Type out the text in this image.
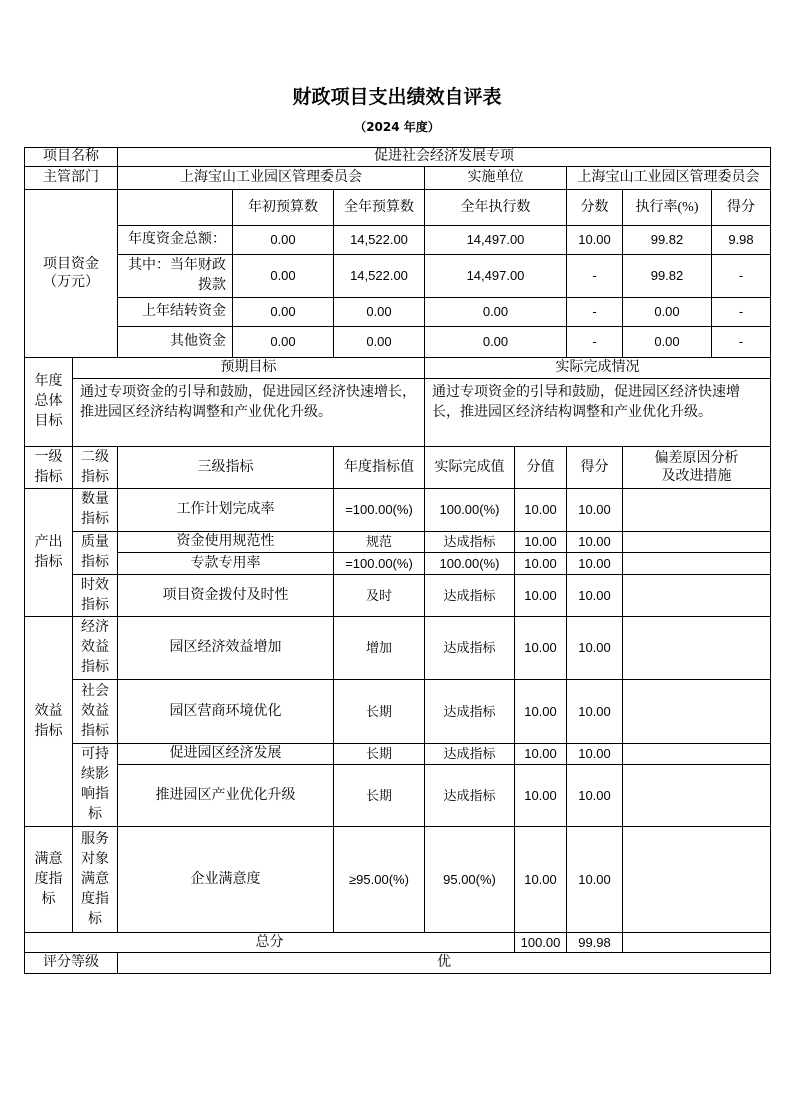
财政项目支出绩效自评表
（2024 年度）
项目名称		促进社会经济发展专项							
主管部门		上海宝山工业园区管理委员会			实施单位		上海宝山工业园区管理委员会		

项目资金
（万元）			年初预算数	全年预算数	全年执行数		分数	执行率(%)	得分
		年度资金总额：	0.00	14,522.00	14,497.00		10.00	99.82	9.98
		其中：当年财政拨款	0.00	14,522.00	14,497.00		-	99.82	-
		上年结转资金	0.00	0.00	0.00		-	0.00	-
		其他资金	0.00	0.00	0.00		-	0.00	-
年度总体目标	预期目标				实际完成情况				
	通过专项资金的引导和鼓励，促进园区经济快速增长，推进园区经济结构调整和产业优化升级。				通过专项资金的引导和鼓励，促进园区经济快速增长，推进园区经济结构调整和产业优化升级。				
一级指标	二级指标	三级指标		年度指标值	实际完成值	分值	得分	偏差原因分析
及改进措施	

产出指标	数量指标	工作计划完成率		=100.00(%)	100.00(%)	10.00	10.00		
	质量指标	资金使用规范性		规范	达成指标	10.00	10.00		
		专款专用率		=100.00(%)	100.00(%)	10.00	10.00		
	时效指标	项目资金拨付及时性		及时	达成指标	10.00	10.00		
效益指标	经济效益指标	园区经济效益增加		增加	达成指标	10.00	10.00		
	社会效益指标	园区营商环境优化		长期	达成指标	10.00	10.00		
	可持续影响指标	促进园区经济发展		长期	达成指标	10.00	10.00		
		推进园区产业优化升级		长期	达成指标	10.00	10.00		
满意度指标	服务对象满意度指标	企业满意度		≥95.00(%)	95.00(%)	10.00	10.00		
总分						100.00	99.98		
评分等级		优							
